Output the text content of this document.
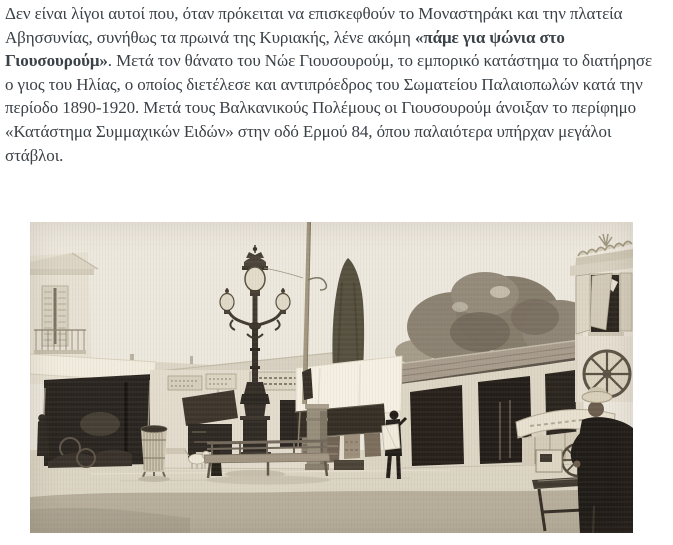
Δεν είναι λίγοι αυτοί που, όταν πρόκειται να επισκεφθούν το Μοναστηράκι και την πλατεία Αβησσυνίας, συνήθως τα πρωινά της Κυριακής, λένε ακόμη «πάμε για ψώνια στο Γιουσουρούμ». Μετά τον θάνατο του Νώε Γιουσουρούμ, το εμπορικό κατάστημα το διατήρησε ο γιος του Ηλίας, ο οποίος διετέλεσε και αντιπρόεδρος του Σωματείου Παλαιοπωλών κατά την περίοδο 1890-1920. Μετά τους Βαλκανικούς Πολέμους οι Γιουσουρούμ άνοιξαν το περίφημο «Κατάστημα Συμμαχικών Ειδών» στην οδό Ερμού 84, όπου παλαιότερα υπήρχαν μεγάλοι στάβλοι.
